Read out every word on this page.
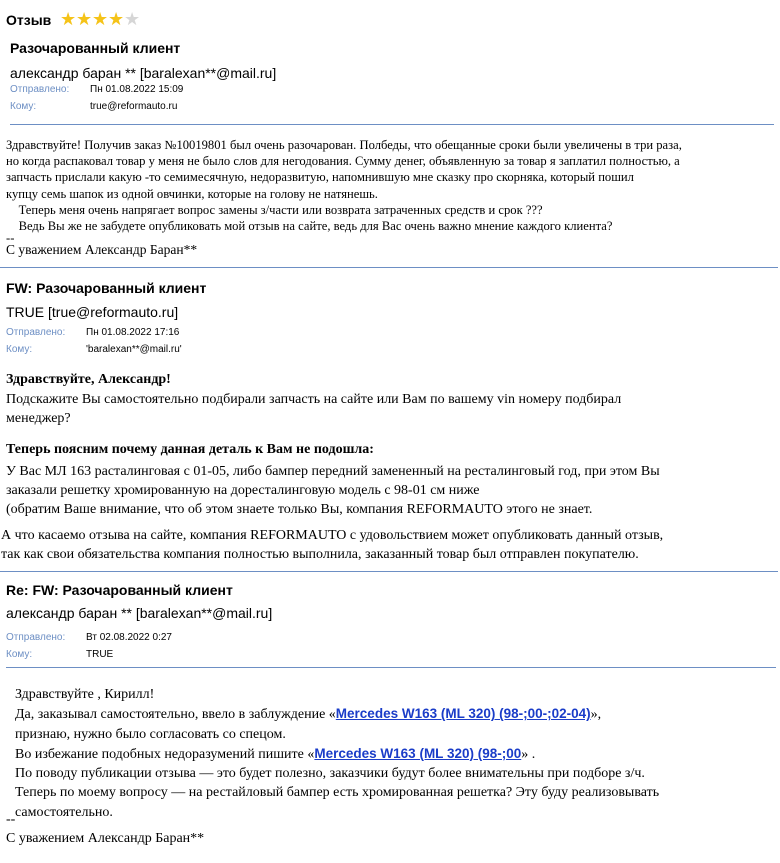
Отзыв ★★★★★
Разочарованный клиент
александр баран ** [baralexan**@mail.ru]
Отправлено: Пн 01.08.2022 15:09
Кому:	true@reformauto.ru
Здравствуйте! Получив заказ №10019801 был очень разочарован. Полбеды, что обещанные сроки были увеличены в три раза,
но когда распаковал товар у меня не было слов для негодования. Сумму денег, объявленную за товар я заплатил полностью, а
запчасть прислали какую -то семимесячную, недоразвитую, напомнившую мне сказку про скорняка, который пошил
купцу семь шапок из одной овчинки, которые на голову не натянешь.
Теперь меня очень напрягает вопрос замены з/части или возврата затраченных средств и срок ???
Ведь Вы же не забудете опубликовать мой отзыв на сайте, ведь для Вас очень важно мнение каждого клиента?
--
С уважением Александр Баран**
FW: Разочарованный клиент
TRUE [true@reformauto.ru]
Отправлено: Пн 01.08.2022 17:16
Кому:	'baralexan**@mail.ru'
Здравствуйте, Александр!
Подскажите Вы самостоятельно подбирали запчасть на сайте или Вам по вашему vin номеру подбирал
менеджер?
Теперь поясним почему данная деталь к Вам не подошла:
У Вас МЛ 163 расталинговая с 01-05, либо бампер передний замененный на ресталинговый год, при этом Вы
заказали решетку хромированную на доресталинговую модель с 98-01 см ниже
(обратим Ваше внимание, что об этом знаете только Вы, компания REFORMAUTO этого не знает.
А что касаемо отзыва на сайте, компания REFORMAUTO с удовольствием может опубликовать данный отзыв,
так как свои обязательства компания полностью выполнила, заказанный товар был отправлен покупателю.
Re: FW: Разочарованный клиент
александр баран ** [baralexan**@mail.ru]
Отправлено: Вт 02.08.2022 0:27
Кому:	TRUE
Здравствуйте , Кирилл!
Да, заказывал самостоятельно, ввело в заблуждение «Mercedes W163 (ML 320) (98-;00-;02-04)»,
признаю, нужно было согласовать со спецом.
Во избежание подобных недоразумений пишите «Mercedes W163 (ML 320) (98-;00» .
По поводу публикации отзыва — это будет полезно, заказчики будут более внимательны при подборе з/ч.
Теперь по моему вопросу — на рестайловый бампер есть хромированная решетка? Эту буду реализовывать
самостоятельно.
--
С уважением Александр Баран**
